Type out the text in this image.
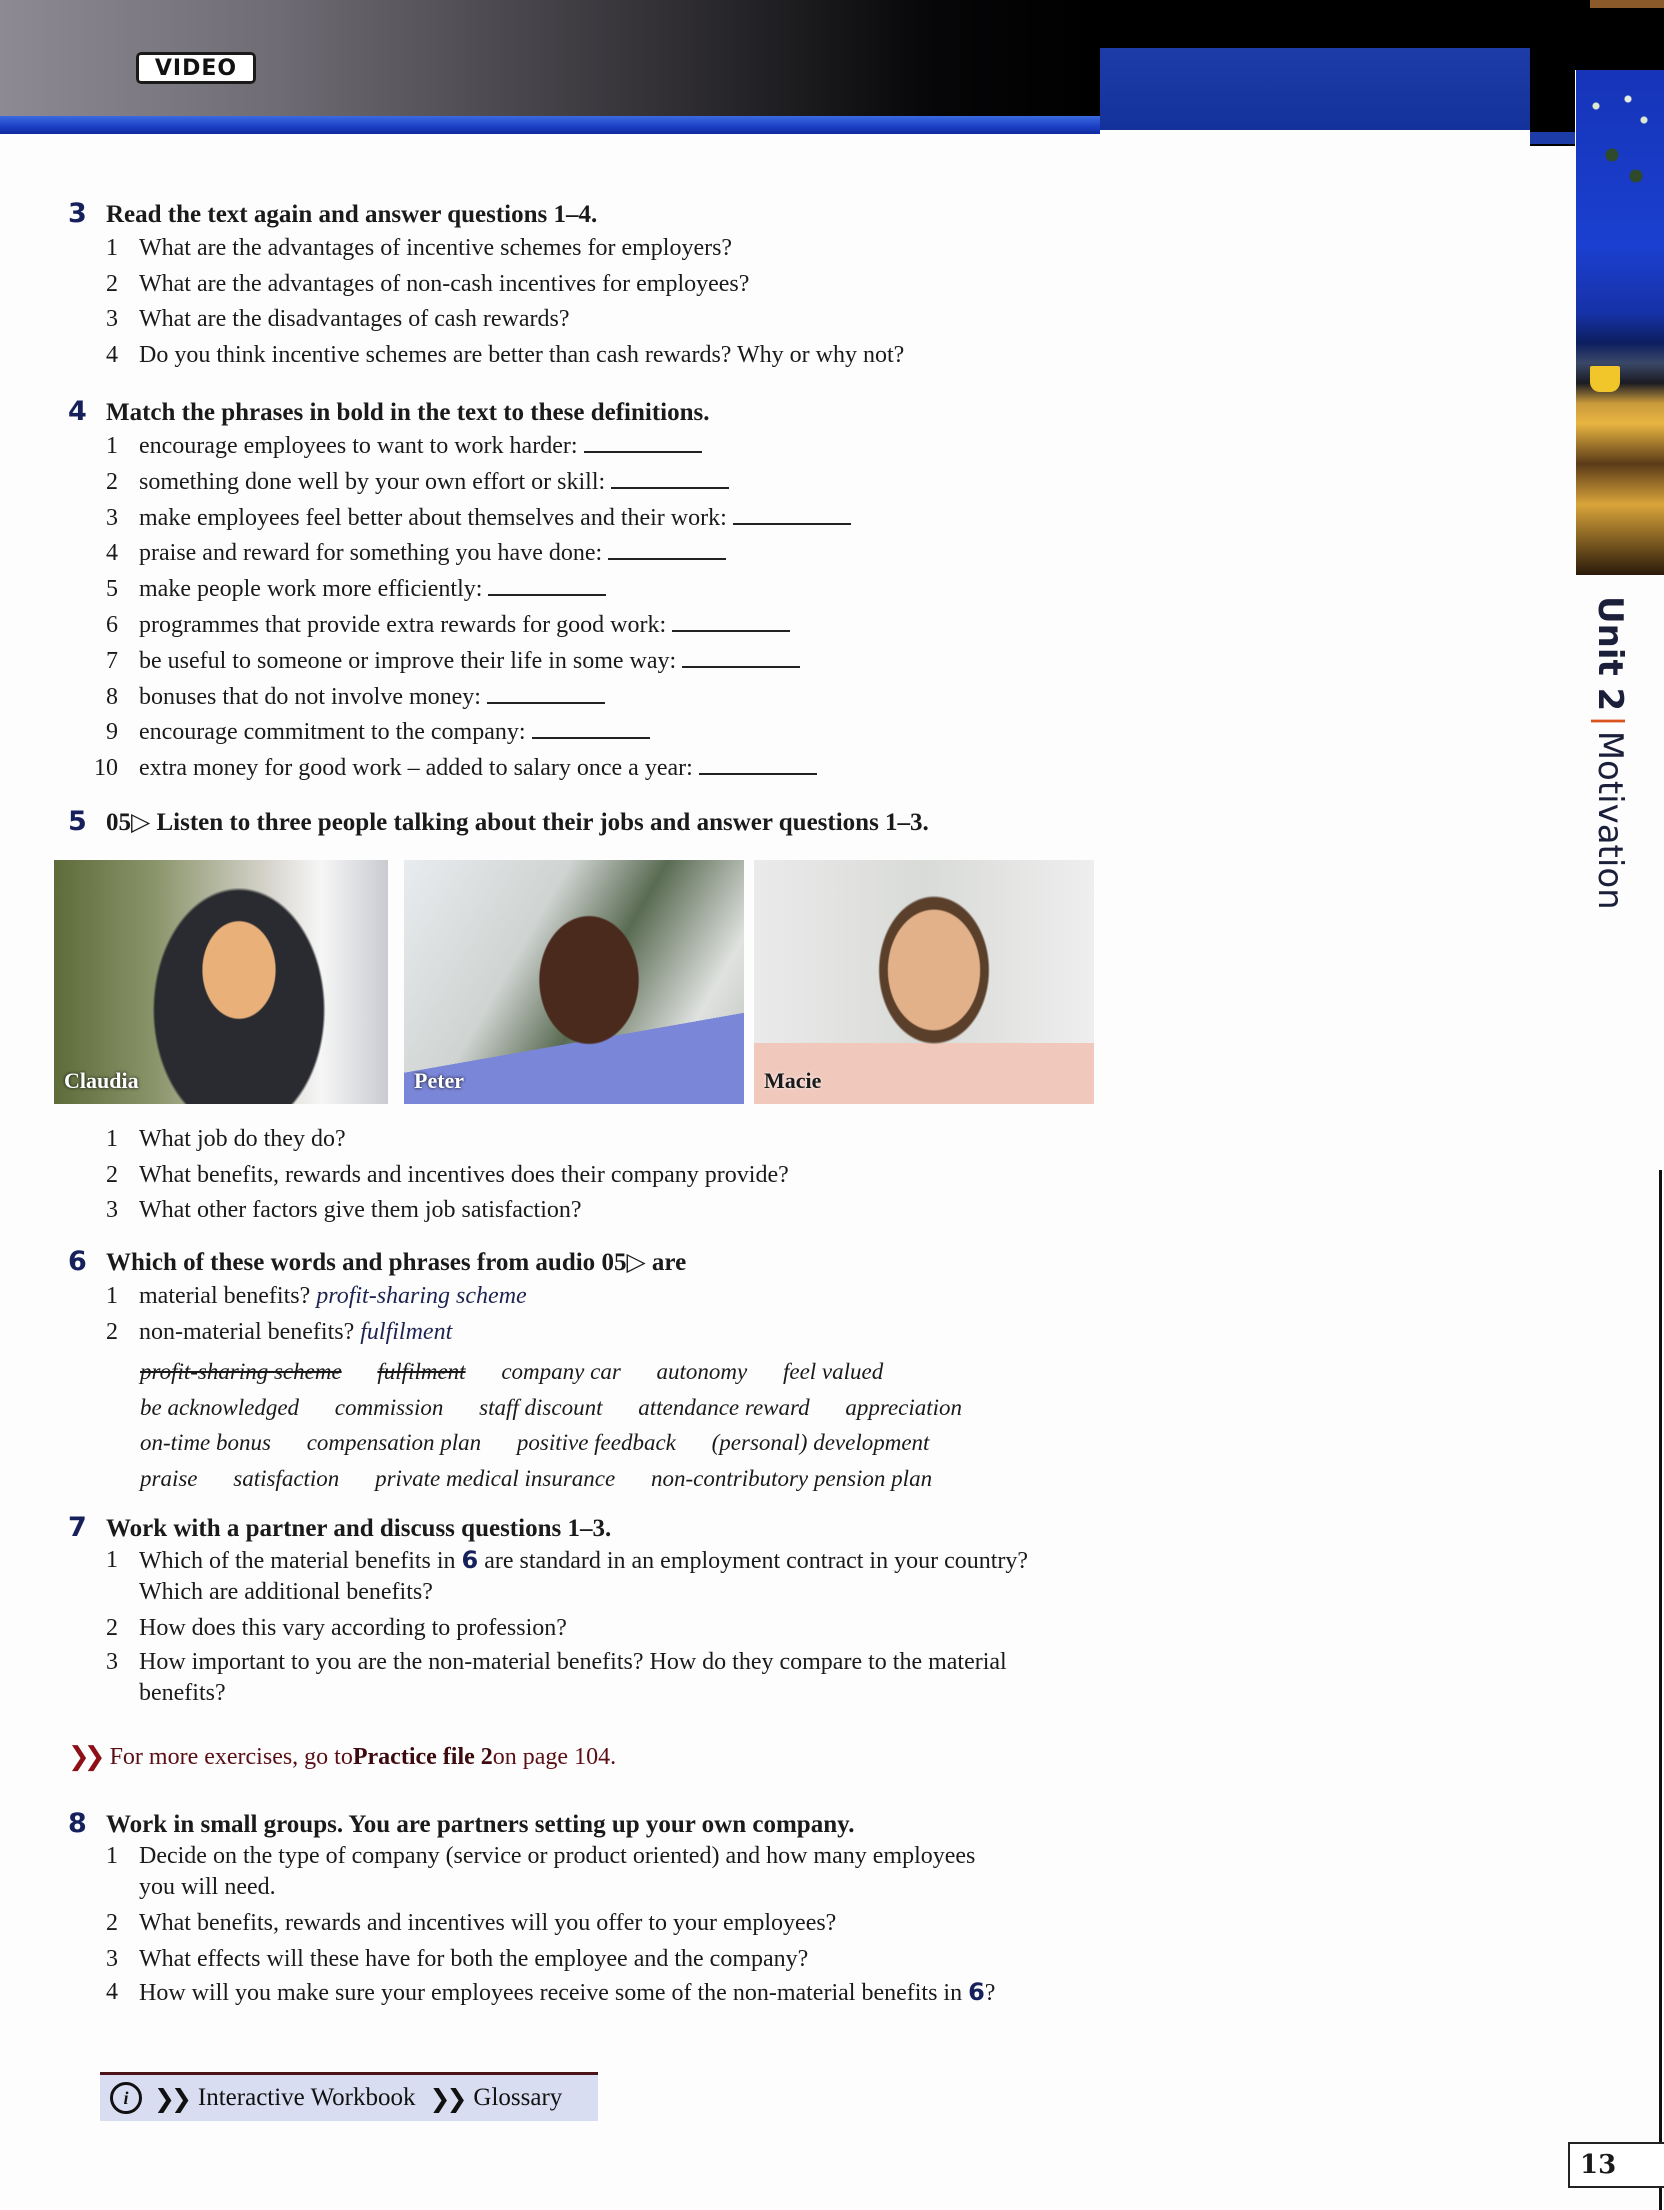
VIDEO
Unit 2|Motivation
13
3 Read the text again and answer questions 1–4.
1 What are the advantages of incentive schemes for employers?
2 What are the advantages of non-cash incentives for employees?
3 What are the disadvantages of cash rewards?
4 Do you think incentive schemes are better than cash rewards? Why or why not?
4 Match the phrases in bold in the text to these definitions.
1 encourage employees to want to work harder:
2 something done well by your own effort or skill:
3 make employees feel better about themselves and their work:
4 praise and reward for something you have done:
5 make people work more efficiently:
6 programmes that provide extra rewards for good work:
7 be useful to someone or improve their life in some way:
8 bonuses that do not involve money:
9 encourage commitment to the company:
10 extra money for good work – added to salary once a year:
5 05▷ Listen to three people talking about their jobs and answer questions 1–3.
Claudia	Peter	Macie
1 What job do they do?
2 What benefits, rewards and incentives does their company provide?
3 What other factors give them job satisfaction?
6 Which of these words and phrases from audio 05▷ are
1 material benefits? profit-sharing scheme
2 non-material benefits? fulfilment
profit-sharing scheme fulfilment company car autonomy feel valued
be acknowledged commission staff discount attendance reward appreciation
on-time bonus compensation plan positive feedback (personal) development
praise satisfaction private medical insurance non-contributory pension plan
7 Work with a partner and discuss questions 1–3.
1 Which of the material benefits in 6 are standard in an employment contract in your country? Which are additional benefits?
2 How does this vary according to profession?
3 How important to you are the non-material benefits? How do they compare to the material benefits?
❯❯ For more exercises, go to Practice file 2 on page 104.
8 Work in small groups. You are partners setting up your own company.
1 Decide on the type of company (service or product oriented) and how many employees you will need.
2 What benefits, rewards and incentives will you offer to your employees?
3 What effects will these have for both the employee and the company?
4 How will you make sure your employees receive some of the non-material benefits in 6?
i	❯❯ Interactive Workbook ❯❯ Glossary
